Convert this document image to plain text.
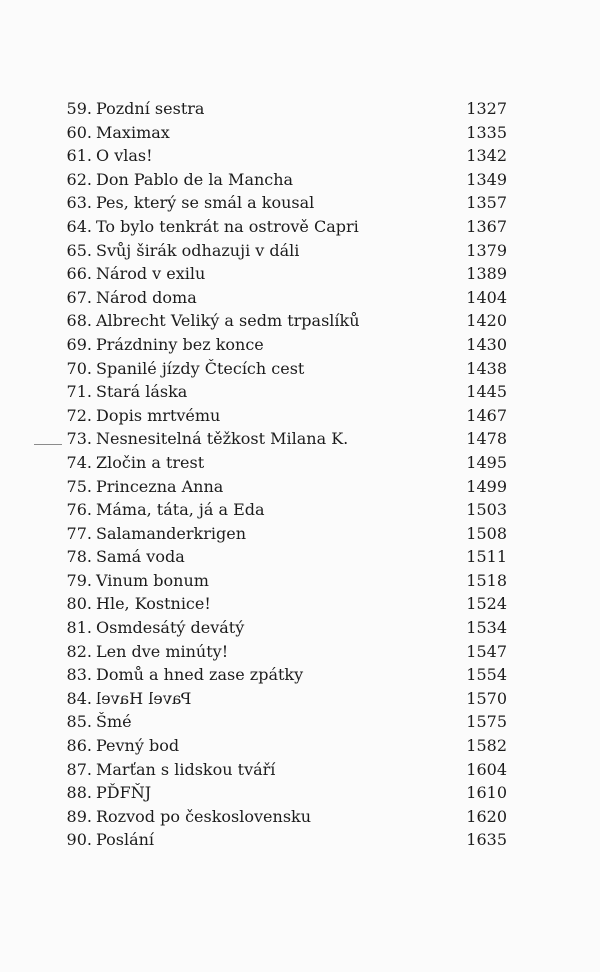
59. Pozdní sestra	1327
60. Maximax	1335
61. O vlas!	1342
62. Don Pablo de la Mancha	1349
63. Pes, který se smál a kousal	1357
64. To bylo tenkrát na ostrově Capri	1367
65. Svůj širák odhazuji v dáli	1379
66. Národ v exilu	1389
67. Národ doma	1404
68. Albrecht Veliký a sedm trpaslíků	1420
69. Prázdniny bez konce	1430
70. Spanilé jízdy Čtecích cest	1438
71. Stará láska	1445
72. Dopis mrtvému	1467
73. Nesnesitelná těžkost Milana K.	1478
74. Zločin a trest	1495
75. Princezna Anna	1499
76. Máma, táta, já a Eda	1503
77. Salamanderkrigen	1508
78. Samá voda	1511
79. Vinum bonum	1518
80. Hle, Kostnice!	1524
81. Osmdesátý devátý	1534
82. Len dve minúty!	1547
83. Domů a hned zase zpátky	1554
84. Pavel Havel	1570
85. Šmé	1575
86. Pevný bod	1582
87. Marťan s lidskou tváří	1604
88. PĎFŇJ	1610
89. Rozvod po československu	1620
90. Poslání	1635
